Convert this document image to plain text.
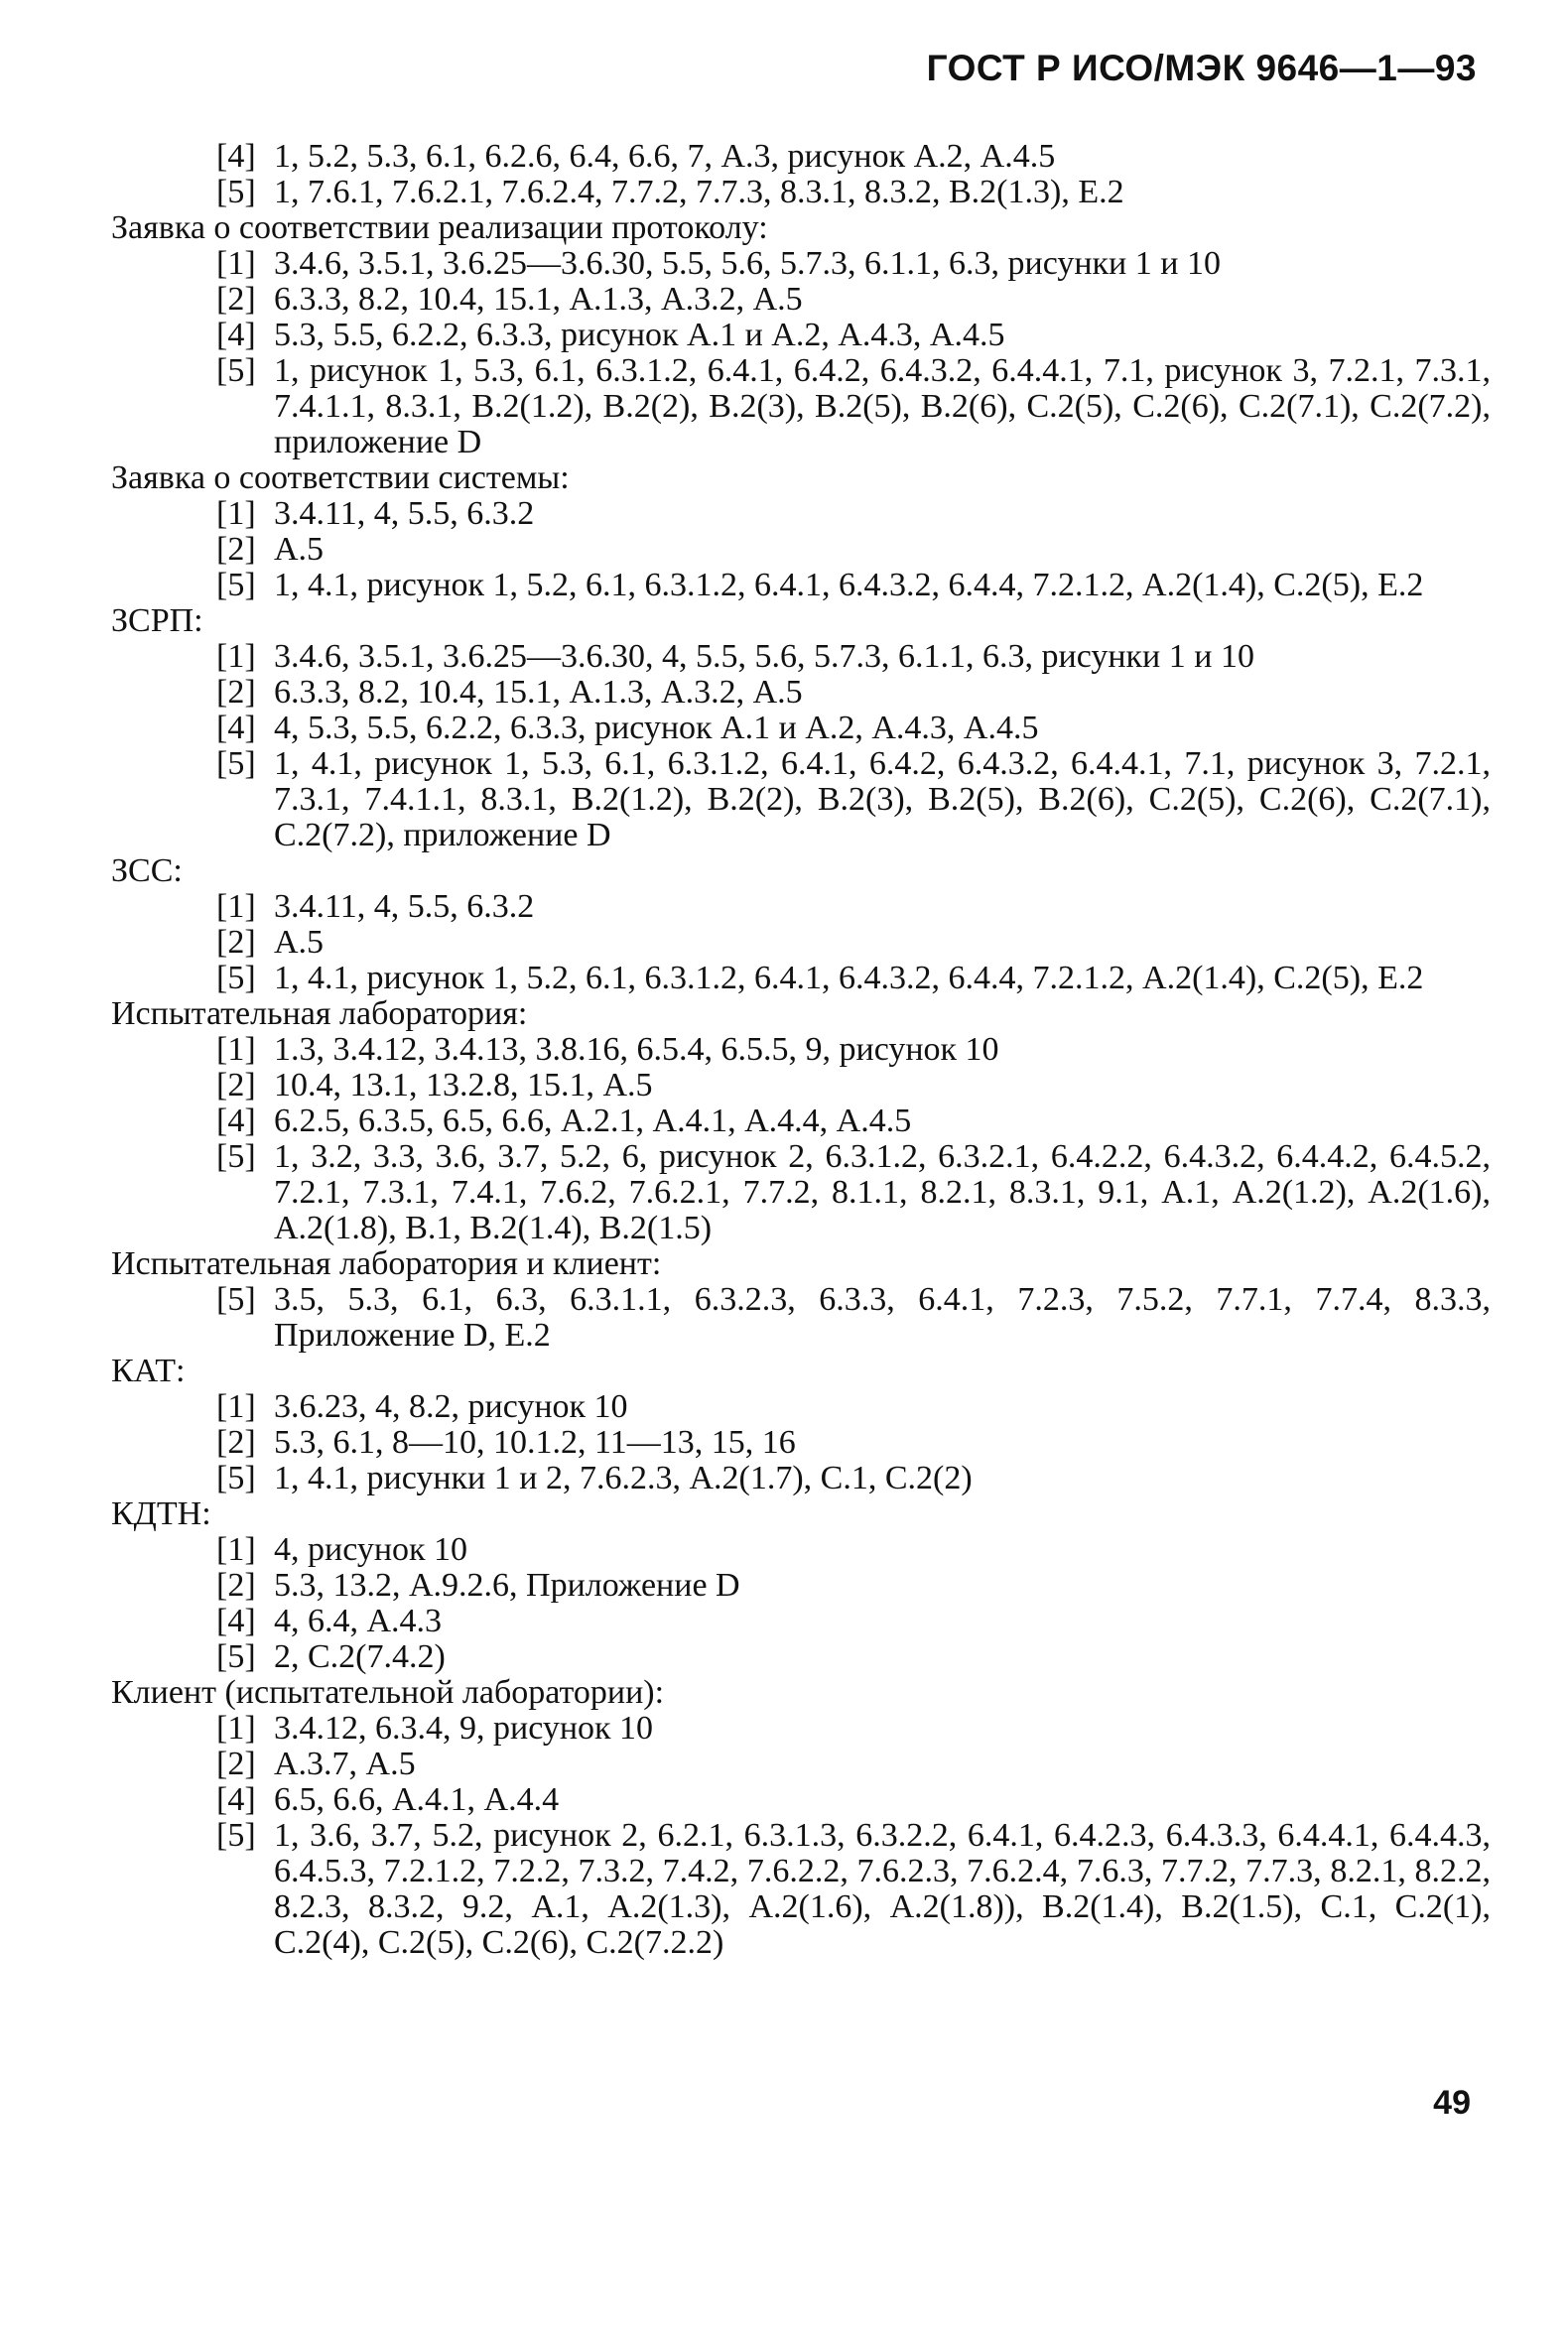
ГОСТ Р ИСО/МЭК 9646—1—93
[4] 1, 5.2, 5.3, 6.1, 6.2.6, 6.4, 6.6, 7, А.3, рисунок А.2, А.4.5
[5] 1, 7.6.1, 7.6.2.1, 7.6.2.4, 7.7.2, 7.7.3, 8.3.1, 8.3.2, В.2(1.3), Е.2

Заявка о соответствии реализации протоколу:

[1] 3.4.6, 3.5.1, 3.6.25—3.6.30, 5.5, 5.6, 5.7.3, 6.1.1, 6.3, рисунки 1 и 10
[2] 6.3.3, 8.2, 10.4, 15.1, А.1.3, А.3.2, А.5
[4] 5.3, 5.5, 6.2.2, 6.3.3, рисунок А.1 и А.2, А.4.3, А.4.5
[5] 1, рисунок 1, 5.3, 6.1, 6.3.1.2, 6.4.1, 6.4.2, 6.4.3.2, 6.4.4.1, 7.1, рисунок 3, 7.2.1, 7.3.1, 7.4.1.1, 8.3.1, В.2(1.2), В.2(2), В.2(3), В.2(5), В.2(6), С.2(5), С.2(6), С.2(7.1), С.2(7.2), приложение D

Заявка о соответствии системы:

[1] 3.4.11, 4, 5.5, 6.3.2
[2] А.5
[5] 1, 4.1, рисунок 1, 5.2, 6.1, 6.3.1.2, 6.4.1, 6.4.3.2, 6.4.4, 7.2.1.2, А.2(1.4), С.2(5), Е.2

ЗСРП:

[1] 3.4.6, 3.5.1, 3.6.25—3.6.30, 4, 5.5, 5.6, 5.7.3, 6.1.1, 6.3, рисунки 1 и 10
[2] 6.3.3, 8.2, 10.4, 15.1, А.1.3, А.3.2, А.5
[4] 4, 5.3, 5.5, 6.2.2, 6.3.3, рисунок А.1 и А.2, А.4.3, А.4.5
[5] 1, 4.1, рисунок 1, 5.3, 6.1, 6.3.1.2, 6.4.1, 6.4.2, 6.4.3.2, 6.4.4.1, 7.1, рисунок 3, 7.2.1, 7.3.1, 7.4.1.1, 8.3.1, В.2(1.2), В.2(2), В.2(3), В.2(5), В.2(6), С.2(5), С.2(6), С.2(7.1), С.2(7.2), приложение D

ЗСС:

[1] 3.4.11, 4, 5.5, 6.3.2
[2] А.5
[5] 1, 4.1, рисунок 1, 5.2, 6.1, 6.3.1.2, 6.4.1, 6.4.3.2, 6.4.4, 7.2.1.2, А.2(1.4), С.2(5), Е.2

Испытательная лаборатория:

[1] 1.3, 3.4.12, 3.4.13, 3.8.16, 6.5.4, 6.5.5, 9, рисунок 10
[2] 10.4, 13.1, 13.2.8, 15.1, А.5
[4] 6.2.5, 6.3.5, 6.5, 6.6, А.2.1, А.4.1, А.4.4, А.4.5
[5] 1, 3.2, 3.3, 3.6, 3.7, 5.2, 6, рисунок 2, 6.3.1.2, 6.3.2.1, 6.4.2.2, 6.4.3.2, 6.4.4.2, 6.4.5.2, 7.2.1, 7.3.1, 7.4.1, 7.6.2, 7.6.2.1, 7.7.2, 8.1.1, 8.2.1, 8.3.1, 9.1, А.1, А.2(1.2), А.2(1.6), А.2(1.8), В.1, В.2(1.4), В.2(1.5)

Испытательная лаборатория и клиент:

[5] 3.5, 5.3, 6.1, 6.3, 6.3.1.1, 6.3.2.3, 6.3.3, 6.4.1, 7.2.3, 7.5.2, 7.7.1, 7.7.4, 8.3.3, Приложение D, Е.2

КАТ:

[1] 3.6.23, 4, 8.2, рисунок 10
[2] 5.3, 6.1, 8—10, 10.1.2, 11—13, 15, 16
[5] 1, 4.1, рисунки 1 и 2, 7.6.2.3, А.2(1.7), С.1, С.2(2)

КДТН:

[1] 4, рисунок 10
[2] 5.3, 13.2, А.9.2.6, Приложение D
[4] 4, 6.4, А.4.3
[5] 2, С.2(7.4.2)

Клиент (испытательной лаборатории):

[1] 3.4.12, 6.3.4, 9, рисунок 10
[2] А.3.7, А.5
[4] 6.5, 6.6, А.4.1, А.4.4
[5] 1, 3.6, 3.7, 5.2, рисунок 2, 6.2.1, 6.3.1.3, 6.3.2.2, 6.4.1, 6.4.2.3, 6.4.3.3, 6.4.4.1, 6.4.4.3, 6.4.5.3, 7.2.1.2, 7.2.2, 7.3.2, 7.4.2, 7.6.2.2, 7.6.2.3, 7.6.2.4, 7.6.3, 7.7.2, 7.7.3, 8.2.1, 8.2.2, 8.2.3, 8.3.2, 9.2, А.1, А.2(1.3), А.2(1.6), А.2(1.8)), В.2(1.4), В.2(1.5), С.1, С.2(1), С.2(4), С.2(5), С.2(6), С.2(7.2.2)
49
